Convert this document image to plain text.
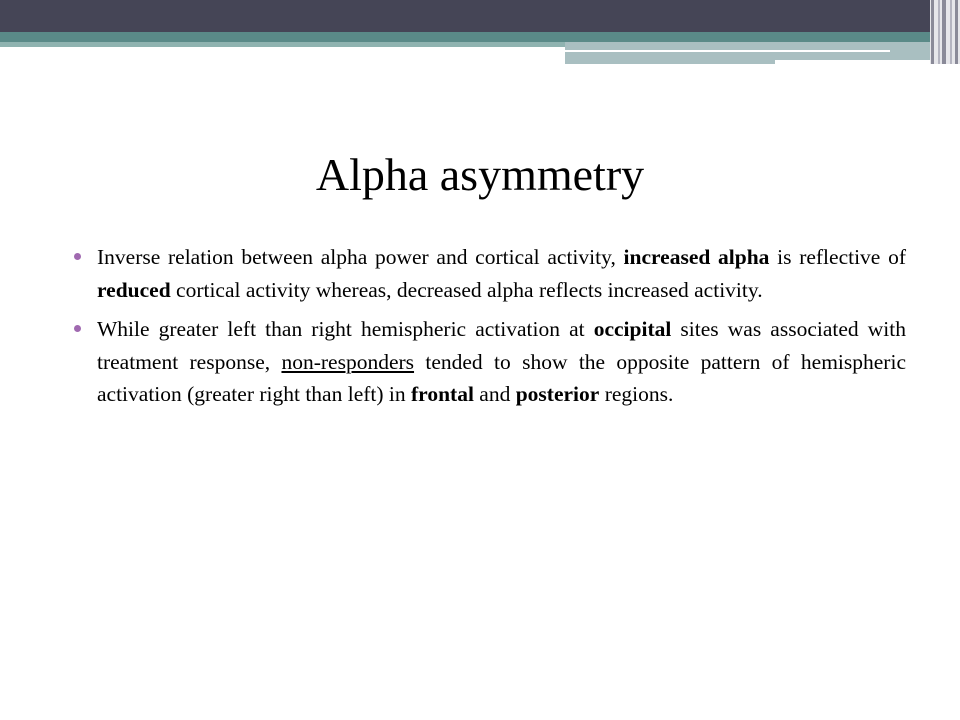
Alpha asymmetry

Inverse relation between alpha power and cortical activity, increased alpha is reflective of reduced cortical activity whereas, decreased alpha reflects increased activity.

While greater left than right hemispheric activation at occipital sites was associated with treatment response, non-responders tended to show the opposite pattern of hemispheric activation (greater right than left) in frontal and posterior regions.
